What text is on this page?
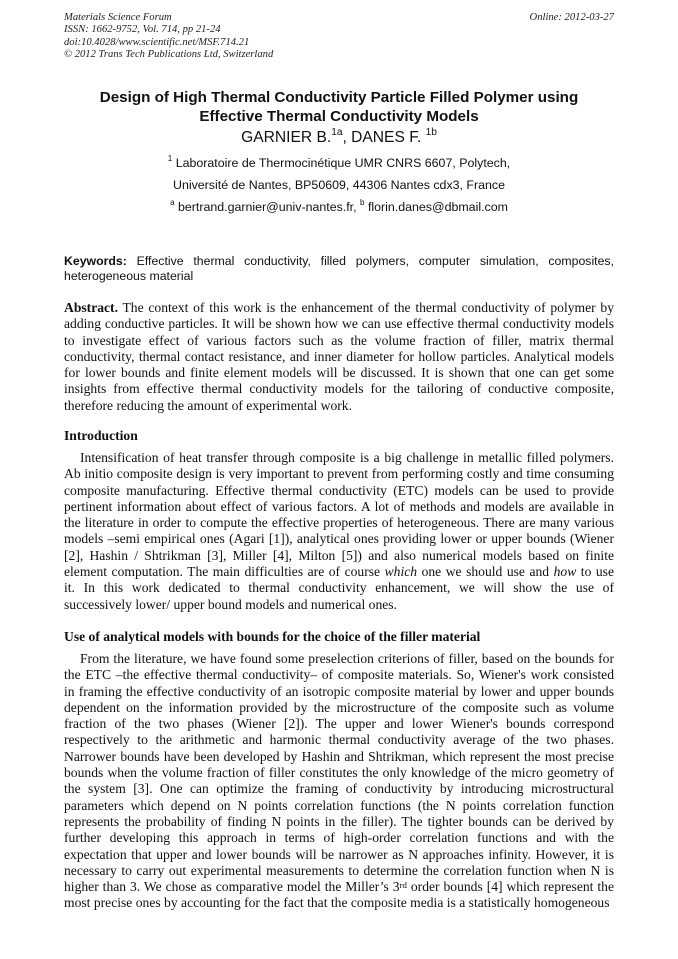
Materials Science Forum
ISSN: 1662-9752, Vol. 714, pp 21-24
doi:10.4028/www.scientific.net/MSF.714.21
© 2012 Trans Tech Publications Ltd, Switzerland
Online: 2012-03-27
Design of High Thermal Conductivity Particle Filled Polymer using
Effective Thermal Conductivity Models
GARNIER B.$^{1a}$, DANES F. $^{1b}$
$^1$ Laboratoire de Thermocinétique UMR CNRS 6607, Polytech,
Université de Nantes, BP50609, 44306 Nantes cdx3, France
$^a$ bertrand.garnier@univ-nantes.fr, $^b$ florin.danes@dbmail.com
Keywords: Effective thermal conductivity, filled polymers, computer simulation, composites,
heterogeneous material
Abstract. The context of this work is the enhancement of the thermal conductivity of polymer by
adding conductive particles. It will be shown how we can use effective thermal conductivity models
to investigate effect of various factors such as the volume fraction of filler, matrix thermal
conductivity, thermal contact resistance, and inner diameter for hollow particles. Analytical models
for lower bounds and finite element models will be discussed. It is shown that one can get some
insights from effective thermal conductivity models for the tailoring of conductive composite,
therefore reducing the amount of experimental work.
Introduction
Intensification of heat transfer through composite is a big challenge in metallic filled polymers.
Ab initio composite design is very important to prevent from performing costly and time consuming
composite manufacturing. Effective thermal conductivity (ETC) models can be used to provide
pertinent information about effect of various factors. A lot of methods and models are available in
the literature in order to compute the effective properties of heterogeneous. There are many various
models –semi empirical ones (Agari [1]), analytical ones providing lower or upper bounds (Wiener
[2], Hashin / Shtrikman [3], Miller [4], Milton [5]) and also numerical models based on finite
element computation. The main difficulties are of course which one we should use and how to use
it. In this work dedicated to thermal conductivity enhancement, we will show the use of
successively lower/ upper bound models and numerical ones.
Use of analytical models with bounds for the choice of the filler material
From the literature, we have found some preselection criterions of filler, based on the bounds for
the ETC –the effective thermal conductivity– of composite materials. So, Wiener's work consisted
in framing the effective conductivity of an isotropic composite material by lower and upper bounds
dependent on the information provided by the microstructure of the composite such as volume
fraction of the two phases (Wiener [2]). The upper and lower Wiener's bounds correspond
respectively to the arithmetic and harmonic thermal conductivity average of the two phases.
Narrower bounds have been developed by Hashin and Shtrikman, which represent the most precise
bounds when the volume fraction of filler constitutes the only knowledge of the micro geometry of
the system [3]. One can optimize the framing of conductivity by introducing microstructural
parameters which depend on N points correlation functions (the N points correlation function
represents the probability of finding N points in the filler). The tighter bounds can be derived by
further developing this approach in terms of high-order correlation functions and with the
expectation that upper and lower bounds will be narrower as N approaches infinity. However, it is
necessary to carry out experimental measurements to determine the correlation function when N is
higher than 3. We chose as comparative model the Miller’s 3rd order bounds [4] which represent the
most precise ones by accounting for the fact that the composite media is a statistically homogeneous
